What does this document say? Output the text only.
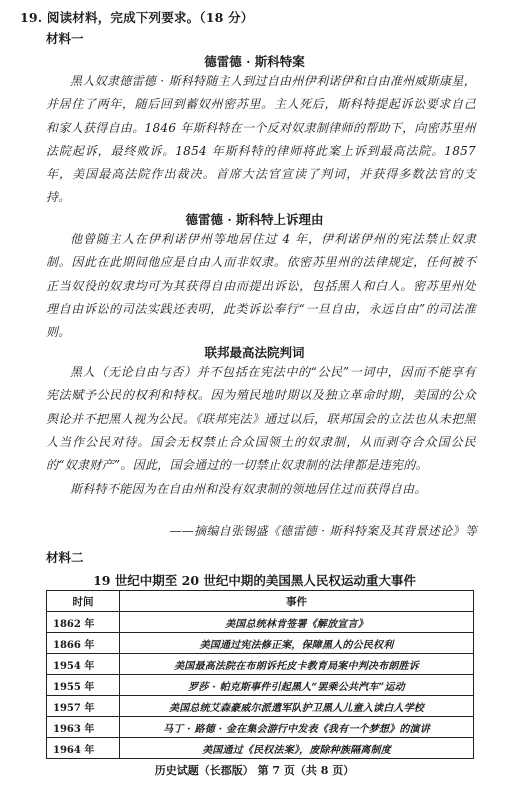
19. 阅读材料，完成下列要求。（18 分）
材料一
德雷德 · 斯科特案
黑人奴隶德雷德 · 斯科特随主人到过自由州伊利诺伊和自由准州威斯康星，并居住了两年，随后回到蓄奴州密苏里。主人死后，斯科特提起诉讼要求自己和家人获得自由。1846 年斯科特在一个反对奴隶制律师的帮助下，向密苏里州法院起诉，最终败诉。1854 年斯科特的律师将此案上诉到最高法院。1857 年，美国最高法院作出裁决。首席大法官宣读了判词，并获得多数法官的支持。
德雷德 · 斯科特上诉理由
他曾随主人在伊利诺伊州等地居住过 4 年，伊利诺伊州的宪法禁止奴隶制。因此在此期间他应是自由人而非奴隶。依密苏里州的法律规定，任何被不正当奴役的奴隶均可为其获得自由而提出诉讼，包括黑人和白人。密苏里州处理自由诉讼的司法实践还表明，此类诉讼奉行“一旦自由，永远自由”的司法准则。
联邦最高法院判词
黑人（无论自由与否）并不包括在宪法中的“公民”一词中，因而不能享有宪法赋予公民的权利和特权。因为殖民地时期以及独立革命时期，美国的公众舆论并不把黑人视为公民。《联邦宪法》通过以后，联邦国会的立法也从未把黑人当作公民对待。国会无权禁止合众国领土的奴隶制，从而剥夺合众国公民的“奴隶财产”。因此，国会通过的一切禁止奴隶制的法律都是违宪的。
斯科特不能因为在自由州和没有奴隶制的领地居住过而获得自由。
——摘编自张锡盛《德雷德 · 斯科特案及其背景述论》等
材料二
19 世纪中期至 20 世纪中期的美国黑人民权运动重大事件
时间	事件
1862 年	美国总统林肯签署《解放宣言》
1866 年	美国通过宪法修正案，保障黑人的公民权利
1954 年	美国最高法院在布朗诉托皮卡教育局案中判决布朗胜诉
1955 年	罗莎 · 帕克斯事件引起黑人“罢乘公共汽车”运动
1957 年	美国总统艾森豪威尔派遣军队护卫黑人儿童入读白人学校
1963 年	马丁 · 路德 · 金在集会游行中发表《我有一个梦想》的演讲
1964 年	美国通过《民权法案》，废除种族隔离制度
历史试题（长郡版） 第 7 页（共 8 页）
